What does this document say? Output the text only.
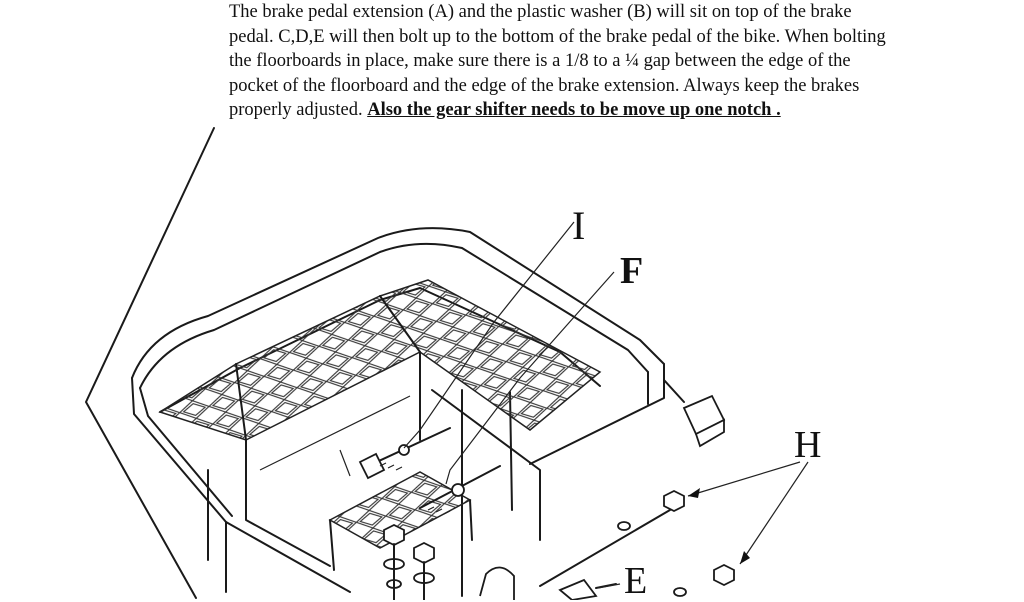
The brake pedal extension (A) and the plastic washer (B) will sit on top of the brake
pedal. C,D,E will then bolt up to the bottom of the brake pedal of the bike. When bolting
the floorboards in place, make sure there is a 1/8 to a ¼ gap between the edge of the
pocket of the floorboard and the edge of the brake extension. Always keep the brakes
properly adjusted. Also the gear shifter needs to be move up one notch .
I
F
H
E
